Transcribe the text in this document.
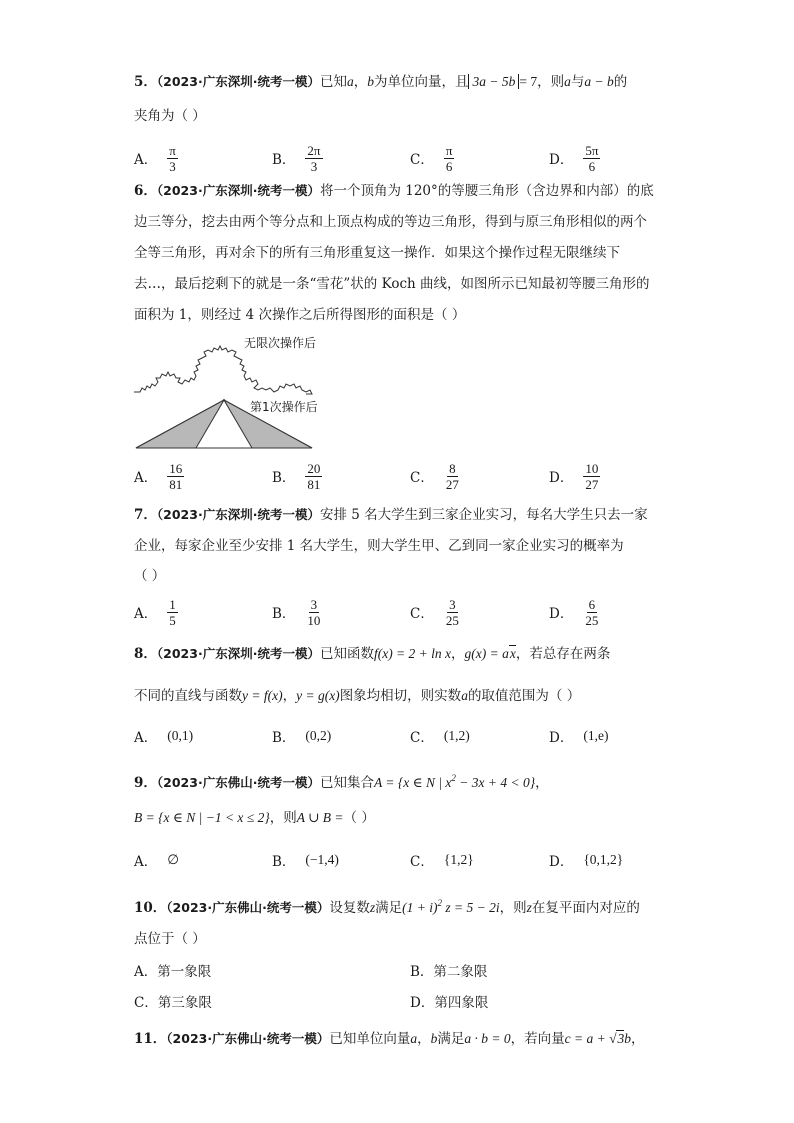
5．（2023·广东深圳·统考一模）已知a，b为单位向量，且 3a − 5b = 7，则a与a − b的
夹角为（ ）
A． $\frac{\pi}{3}$	B． $\frac{2\pi}{3}$	C． $\frac{\pi}{6}$	D． $\frac{5\pi}{6}$
6．（2023·广东深圳·统考一模）将一个顶角为 120°的等腰三角形（含边界和内部）的底
边三等分，挖去由两个等分点和上顶点构成的等边三角形，得到与原三角形相似的两个
全等三角形，再对余下的所有三角形重复这一操作．如果这个操作过程无限继续下
去…，最后挖剩下的就是一条“雪花”状的 Koch 曲线，如图所示已知最初等腰三角形的
面积为 1，则经过 4 次操作之后所得图形的面积是（ ）
无限次操作后
第1次操作后
A． $\frac{16}{81}$	B． $\frac{20}{81}$	C． $\frac{8}{27}$	D． $\frac{10}{27}$
7．（2023·广东深圳·统考一模）安排 5 名大学生到三家企业实习，每名大学生只去一家
企业，每家企业至少安排 1 名大学生，则大学生甲、乙到同一家企业实习的概率为
（ ）
A． $\frac{1}{5}$	B． $\frac{3}{10}$	C． $\frac{3}{25}$	D． $\frac{6}{25}$
8．（2023·广东深圳·统考一模）已知函数f(x) = 2 + ln x，g(x) = ax，若总存在两条
不同的直线与函数y = f(x)，y = g(x)图象均相切，则实数a的取值范围为（ ）
A． (0,1)	B． (0,2)	C． (1,2)	D． (1,e)
9．（2023·广东佛山·统考一模）已知集合A = {x ∈ N | $x^2 - 3x + 4 < 0$}，
B = {x ∈ N | −1 < x ≤ 2}，则A ∪ B =（ ）
A． ∅	B． (−1,4)	C． {1,2}	D． {0,1,2}
10．（2023·广东佛山·统考一模）设复数z满足$(1 + i)^2$ z = 5 − 2i，则z在复平面内对应的
点位于（ ）
A．第一象限	B．第二象限
C．第三象限	D．第四象限
11．（2023·广东佛山·统考一模）已知单位向量a，b满足a · b = 0，若向量c = a + √3b，
